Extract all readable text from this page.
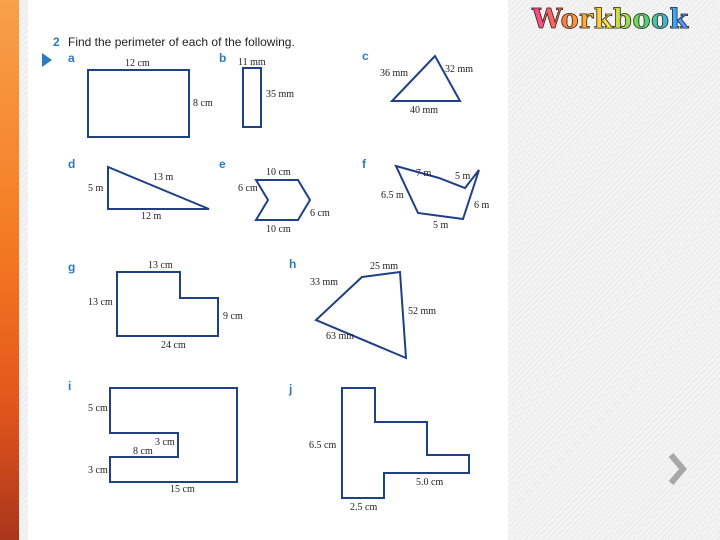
Workbook
2 Find the perimeter of each of the following.
a	12 cm
8 cm
b 11 mm
35 mm
c
36 mm	32 mm
40 mm
d
5 m
13 m
12 m
e
10 cm
6 cm
6 cm
10 cm
f
7 m 5 m
6.5 m
6 m
5 m
g	13 cm
13 cm
9 cm
24 cm
h	25 mm
33 mm
52 mm
63 mm
i
5 cm
3 cm
8 cm
3 cm
15 cm
j
6.5 cm
5.0 cm
2.5 cm
